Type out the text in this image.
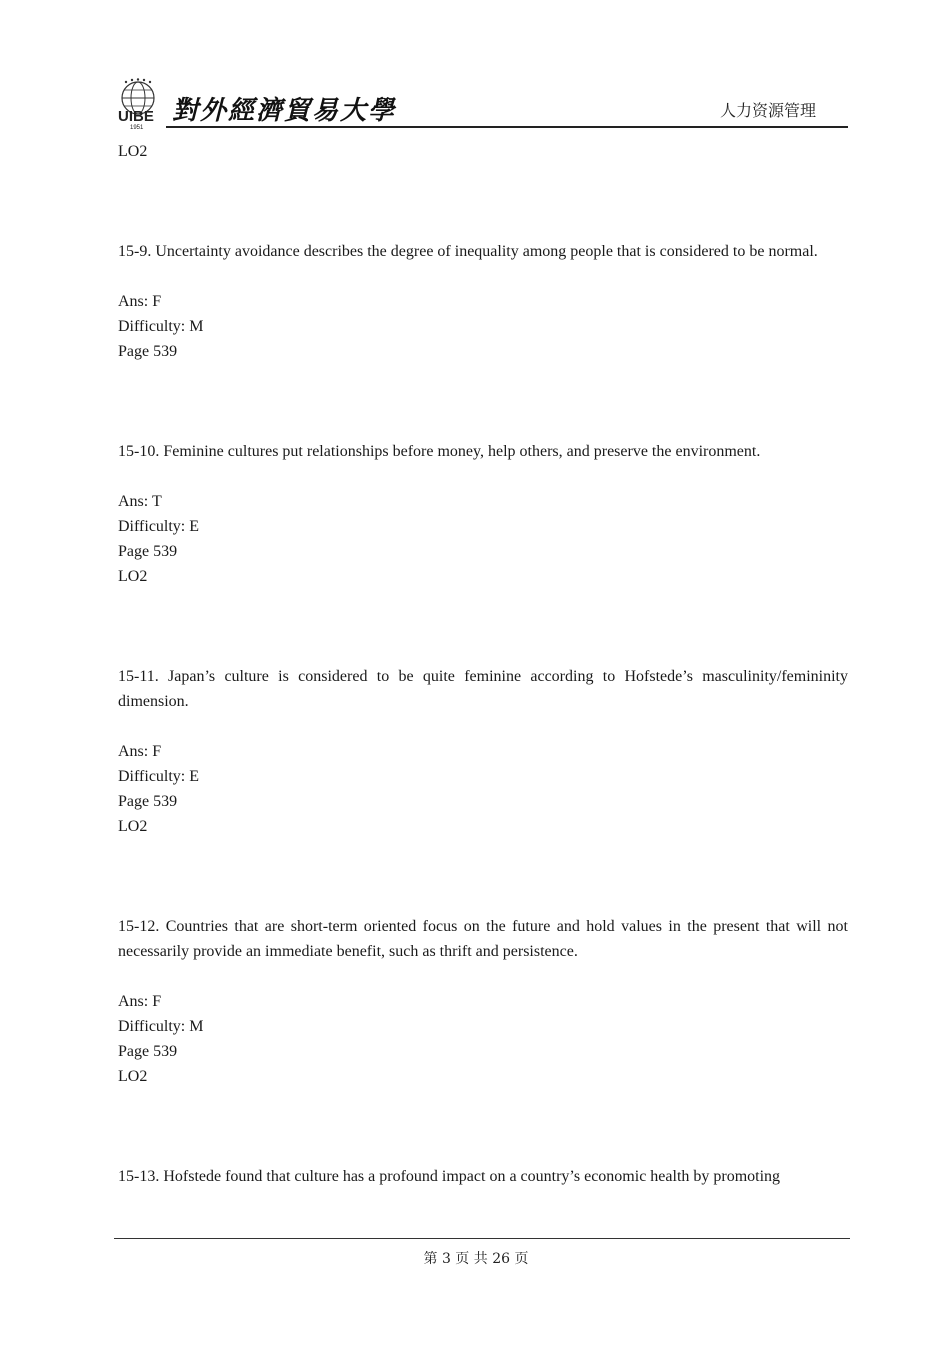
UIBE
1951
對外經濟貿易大學	人力资源管理
LO2
15-9. Uncertainty avoidance describes the degree of inequality among people that is considered to be normal.
Ans: F
Difficulty: M
Page 539
15-10. Feminine cultures put relationships before money, help others, and preserve the environment.
Ans: T
Difficulty: E
Page 539
LO2
15-11. Japan’s culture is considered to be quite feminine according to Hofstede’s masculinity/femininity dimension.
Ans: F
Difficulty: E
Page 539
LO2
15-12. Countries that are short-term oriented focus on the future and hold values in the present that will not necessarily provide an immediate benefit, such as thrift and persistence.
Ans: F
Difficulty: M
Page 539
LO2
15-13. Hofstede found that culture has a profound impact on a country’s economic health by promoting
第 3 页 共 26 页
